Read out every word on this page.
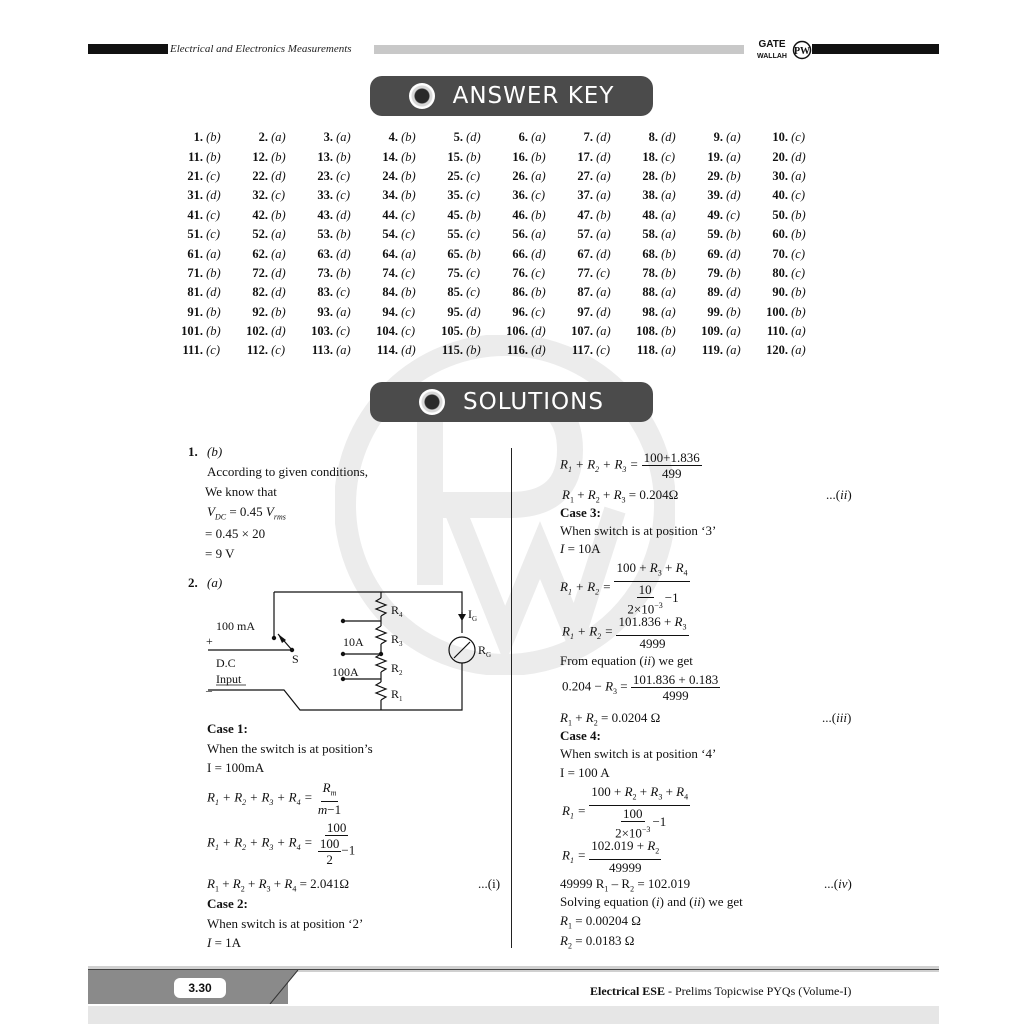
Electrical and Electronics Measurements	GATE
WALLAH PW
ANSWER KEY
1. (b)	2. (a)	3. (a)	4. (b)	5. (d)	6. (a)	7. (d)	8. (d)	9. (a)	10. (c)
11. (b)	12. (b)	13. (b)	14. (b)	15. (b)	16. (b)	17. (d)	18. (c)	19. (a)	20. (d)
21. (c)	22. (d)	23. (c)	24. (b)	25. (c)	26. (a)	27. (a)	28. (b)	29. (b)	30. (a)
31. (d)	32. (c)	33. (c)	34. (b)	35. (c)	36. (c)	37. (a)	38. (a)	39. (d)	40. (c)
41. (c)	42. (b)	43. (d)	44. (c)	45. (b)	46. (b)	47. (b)	48. (a)	49. (c)	50. (b)
51. (c)	52. (a)	53. (b)	54. (c)	55. (c)	56. (a)	57. (a)	58. (a)	59. (b)	60. (b)
61. (a)	62. (a)	63. (d)	64. (a)	65. (b)	66. (d)	67. (d)	68. (b)	69. (d)	70. (c)
71. (b)	72. (d)	73. (b)	74. (c)	75. (c)	76. (c)	77. (c)	78. (b)	79. (b)	80. (c)
81. (d)	82. (d)	83. (c)	84. (b)	85. (c)	86. (b)	87. (a)	88. (a)	89. (d)	90. (b)
91. (b)	92. (b)	93. (a)	94. (c)	95. (d)	96. (c)	97. (d)	98. (a)	99. (b)	100. (b)
101. (b)	102. (d)	103. (c)	104. (c)	105. (b)	106. (d)	107. (a)	108. (b)	109. (a)	110. (a)
111. (c)	112. (c)	113. (a)	114. (d)	115. (b)	116. (d)	117. (c)	118. (a)	119. (a)	120. (a)
SOLUTIONS
1. (b)
According to given conditions,
We know that
$V_{DC} = 0.45$ $V_{rms}$
= 0.45 × 20
= 9 V
2. (a)
100 mA
+
D.C
Input
–
S
10A
100A
$R_4$
$R_3$
$R_2$
$R_1$
$I_G$
$R_G$
Case 1:
When the switch is at position’s
I = 100mA
$R_1 + R_2 + R_3 + R_4 = \frac{R_m}{m-1}$
$R_1 + R_2 + R_3 + R_4 = \frac{100}{\frac{100}{2} -1}$
$R_1 + R_2 + R_3 + R_4 = 2.041\Omega$	...(i)
Case 2:
When switch is at position ‘2’
I = 1A
$R_1 + R_2 + R_3 = \frac{100+1.836}{499}$
$R_1 + R_2 + R_3 = 0.204\Omega$	...(ii)
Case 3:
When switch is at position ‘3’
I = 10A
$R_1 + R_2 = \frac{100 + R_3 + R_4}{\frac{10}{2\times 10^{-3}} -1}$
$R_1 + R_2 = \frac{101.836 + R_3}{4999}$
From equation (ii) we get
$0.204 - R_3 = \frac{101.836 + 0.183}{4999}$
$R_1 + R_2 = 0.0204$ Ω	...(iii)
Case 4:
When switch is at position ‘4’
I = 100 A
$R_1 = \frac{100 + R_2 + R_3 + R_4}{\frac{100}{2\times 10^{-3}} -1}$
$R_1 = \frac{102.019 + R_2}{49999}$
49999 $R_1 - R_2 = 102.019$	...(iv)
Solving equation (i) and (ii) we get
$R_1 = 0.00204$ Ω
$R_2 = 0.0183$ Ω
3.30	Electrical ESE - Prelims Topicwise PYQs (Volume-I)
